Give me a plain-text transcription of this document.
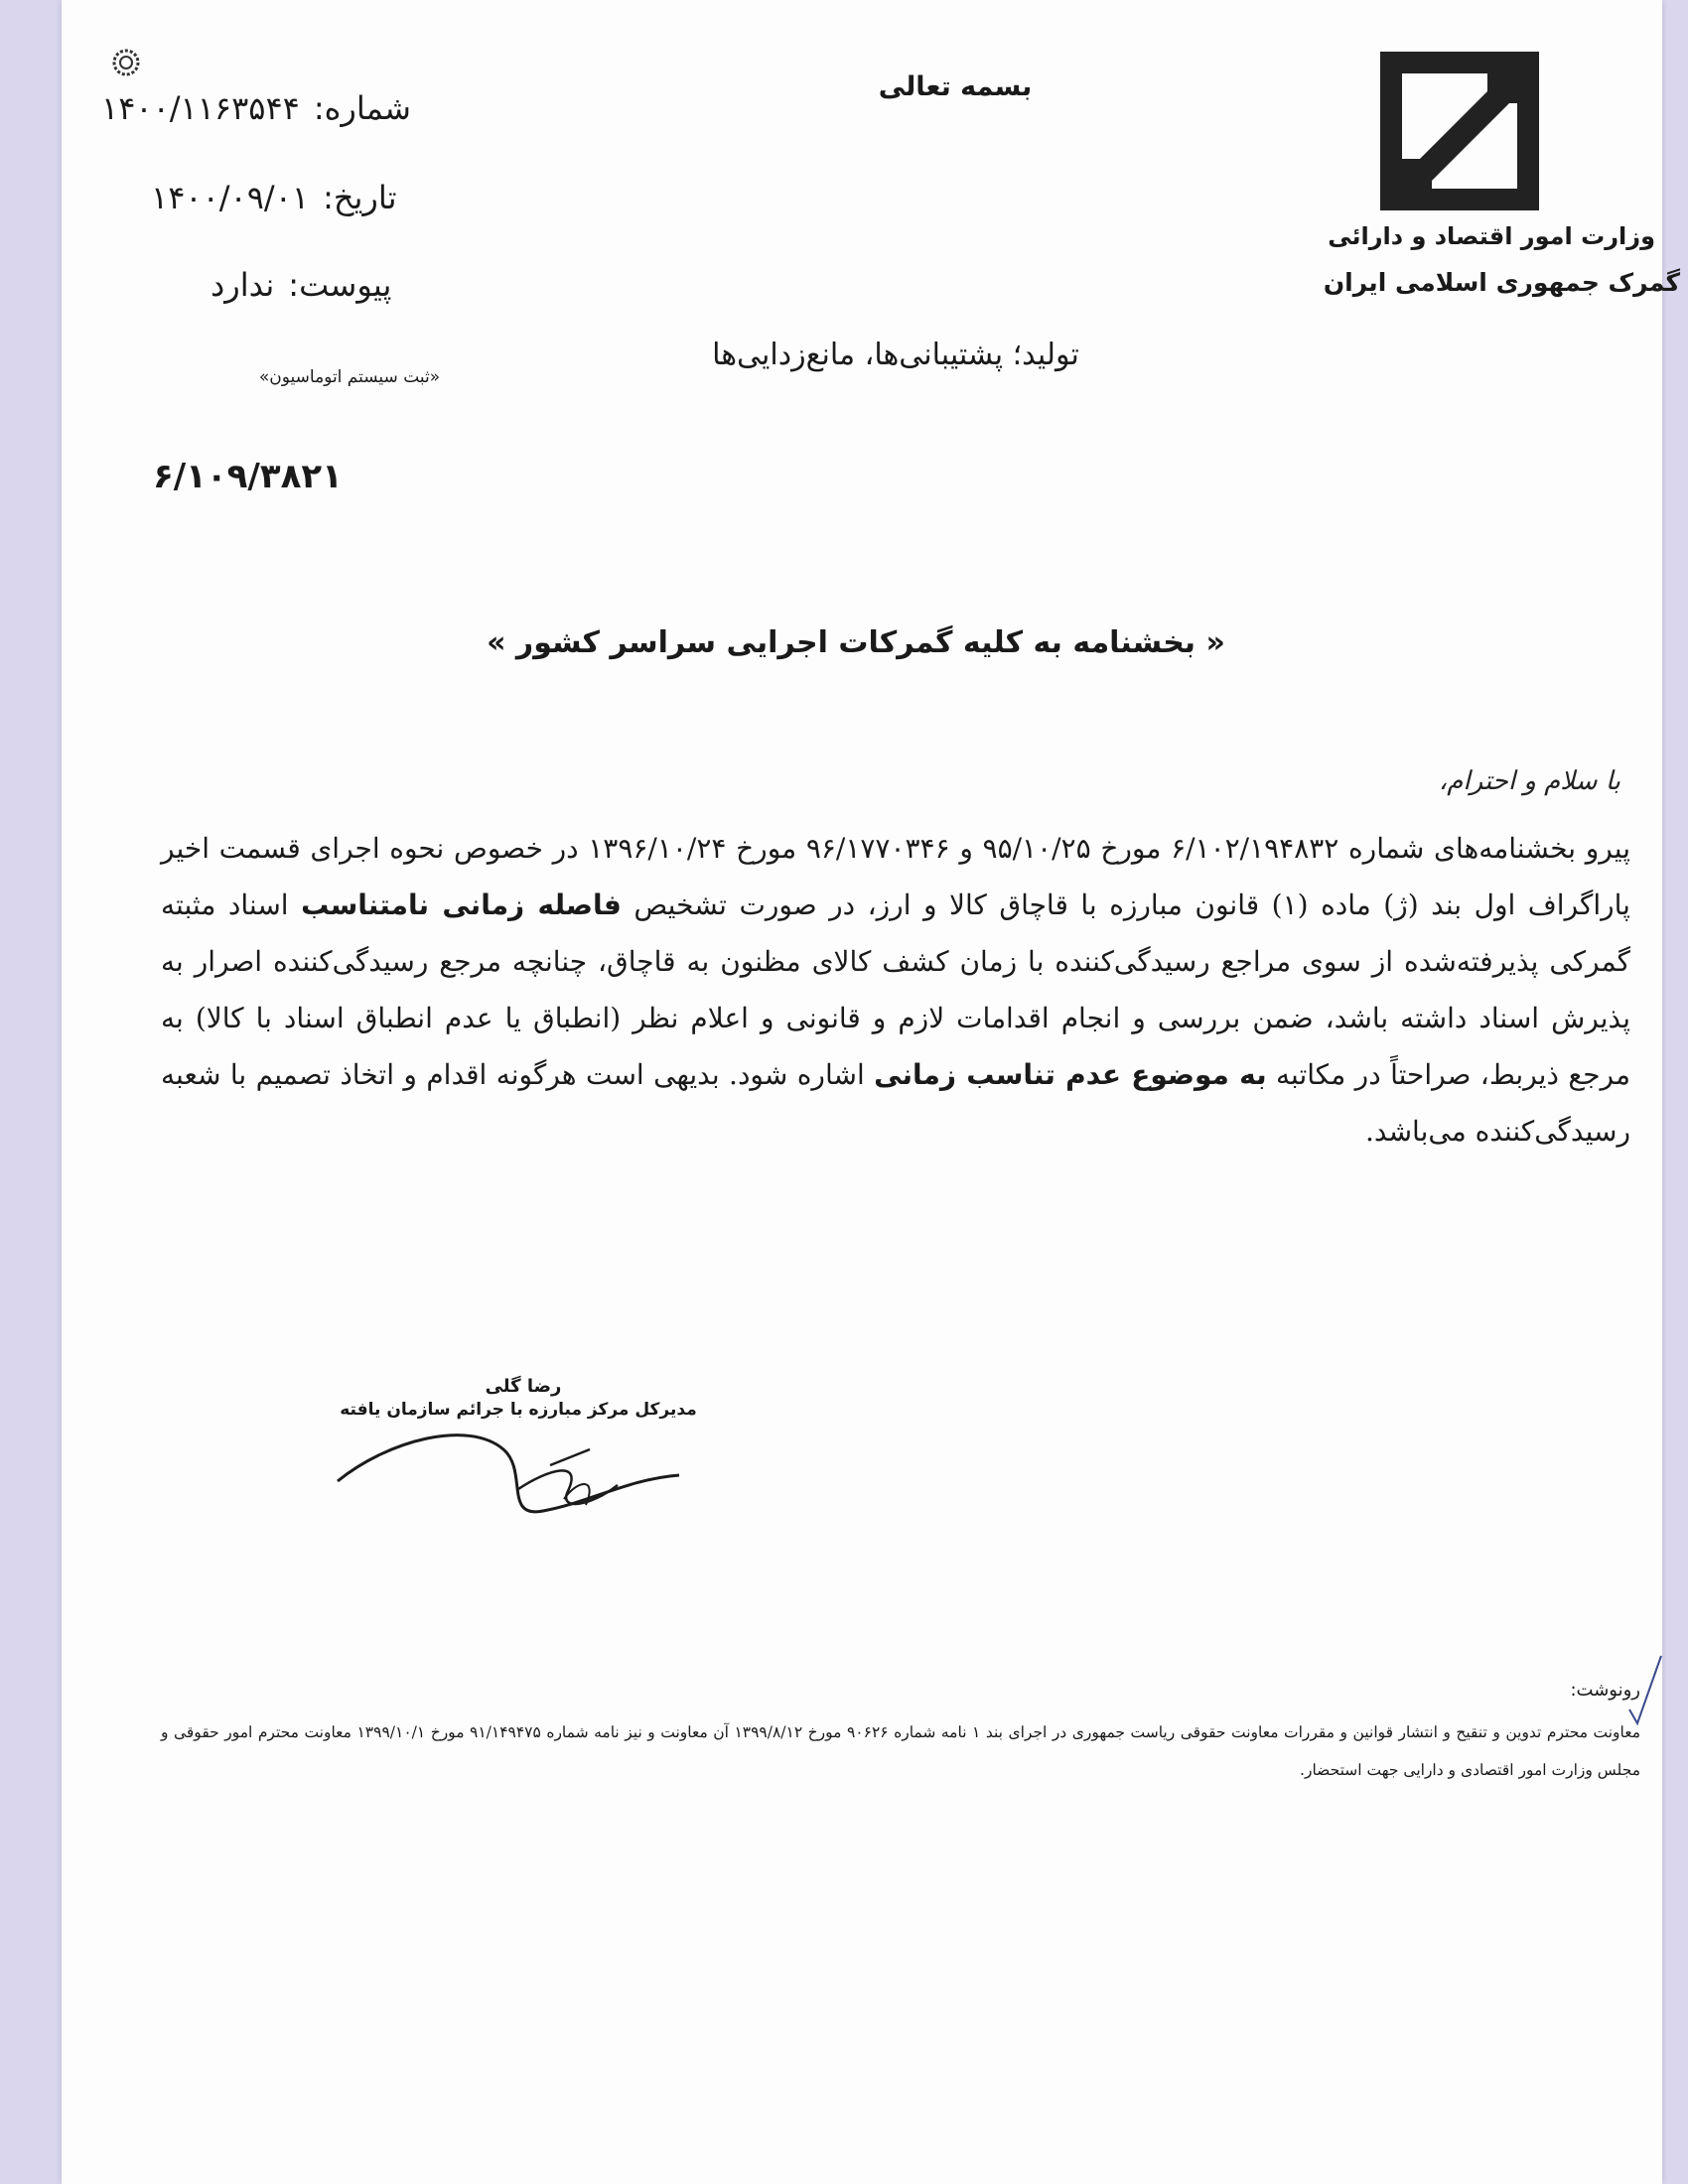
وزارت امور اقتصاد و دارائی
گمرک جمهوری اسلامی ایران
بسمه تعالی
تولید؛ پشتیبانی‌ها، مانع‌زدایی‌ها
شماره:۱۴۰۰/۱۱۶۳۵۴۴
تاریخ:۱۴۰۰/۰۹/۰۱
پیوست:ندارد
«ثبت سیستم اتوماسیون»
۶/۱۰۹/۳۸۲۱
« بخشنامه به کلیه گمرکات اجرایی سراسر کشور »
با سلام و احترام،
پیرو بخشنامه‌های شماره ۶/۱۰۲/۱۹۴۸۳۲ مورخ ۹۵/۱۰/۲۵ و ۹۶/۱۷۷۰۳۴۶ مورخ ۱۳۹۶/۱۰/۲۴ در خصوص نحوه اجرای قسمت اخیر پاراگراف اول بند (ژ) ماده (۱) قانون مبارزه با قاچاق کالا و ارز، در صورت تشخیص فاصله زمانی نامتناسب اسناد مثبته گمرکی پذیرفته‌شده از سوی مراجع رسیدگی‌کننده با زمان کشف کالای مظنون به قاچاق، چنانچه مرجع رسیدگی‌کننده اصرار به پذیرش اسناد داشته باشد، ضمن بررسی و انجام اقدامات لازم و قانونی و اعلام نظر (انطباق یا عدم انطباق اسناد با کالا) به مرجع ذیربط، صراحتاً در مکاتبه به موضوع عدم تناسب زمانی اشاره شود. بدیهی است هرگونه اقدام و اتخاذ تصمیم با شعبه رسیدگی‌کننده می‌باشد.
رضا گلی
مدیرکل مرکز مبارزه با جرائم سازمان یافته
رونوشت:
معاونت محترم تدوین و تنقیح و انتشار قوانین و مقررات معاونت حقوقی ریاست جمهوری در اجرای بند ۱ نامه شماره ۹۰۶۲۶ مورخ ۱۳۹۹/۸/۱۲ آن معاونت و نیز نامه شماره ۹۱/۱۴۹۴۷۵ مورخ ۱۳۹۹/۱۰/۱ معاونت محترم امور حقوقی و مجلس وزارت امور اقتصادی و دارایی جهت استحضار.
